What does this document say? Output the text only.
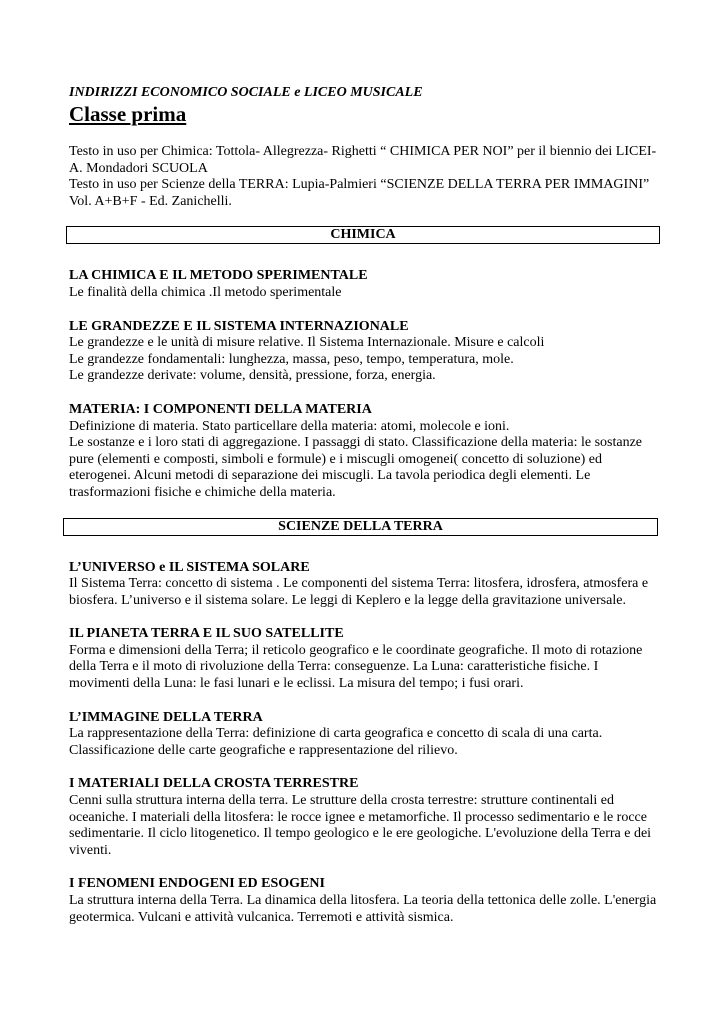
INDIRIZZI ECONOMICO SOCIALE e LICEO MUSICALE
Classe prima

Testo in uso per Chimica: Tottola- Allegrezza- Righetti “ CHIMICA PER NOI” per il biennio dei LICEI- A. Mondadori SCUOLA

Testo in uso per Scienze della TERRA: Lupia-Palmieri “SCIENZE DELLA TERRA PER IMMAGINI” Vol. A+B+F - Ed. Zanichelli.

CHIMICA
LA CHIMICA E IL METODO SPERIMENTALE

Le finalità della chimica .Il metodo sperimentale

LE GRANDEZZE E IL SISTEMA INTERNAZIONALE

Le grandezze e le unità di misure relative. Il Sistema Internazionale. Misure e calcoli

Le grandezze fondamentali: lunghezza, massa, peso, tempo, temperatura, mole.

Le grandezze derivate: volume, densità, pressione, forza, energia.

MATERIA: I COMPONENTI DELLA MATERIA

Definizione di materia. Stato particellare della materia: atomi, molecole e ioni.

Le sostanze e i loro stati di aggregazione. I passaggi di stato. Classificazione della materia: le sostanze pure (elementi e composti, simboli e formule) e i miscugli omogenei( concetto di soluzione) ed eterogenei. Alcuni metodi di separazione dei miscugli. La tavola periodica degli elementi. Le trasformazioni fisiche e chimiche della materia.

SCIENZE DELLA TERRA
L’UNIVERSO e IL SISTEMA SOLARE

Il Sistema Terra: concetto di sistema . Le componenti del sistema Terra: litosfera, idrosfera, atmosfera e biosfera. L’universo e il sistema solare. Le leggi di Keplero e la legge della gravitazione universale.

IL PIANETA TERRA E IL SUO SATELLITE

Forma e dimensioni della Terra; il reticolo geografico e le coordinate geografiche. Il moto di rotazione della Terra e il moto di rivoluzione della Terra: conseguenze. La Luna: caratteristiche fisiche. I movimenti della Luna: le fasi lunari e le eclissi. La misura del tempo; i fusi orari.

L’IMMAGINE DELLA TERRA

La rappresentazione della Terra: definizione di carta geografica e concetto di scala di una carta. Classificazione delle carte geografiche e rappresentazione del rilievo.

I MATERIALI DELLA CROSTA TERRESTRE

Cenni sulla struttura interna della terra. Le strutture della crosta terrestre: strutture continentali ed oceaniche. I materiali della litosfera: le rocce ignee e metamorfiche. Il processo sedimentario e le rocce sedimentarie. Il ciclo litogenetico. Il tempo geologico e le ere geologiche. L'evoluzione della Terra e dei viventi.

I FENOMENI ENDOGENI ED ESOGENI

La struttura interna della Terra. La dinamica della litosfera. La teoria della tettonica delle zolle. L'energia geotermica. Vulcani e attività vulcanica. Terremoti e attività sismica.
